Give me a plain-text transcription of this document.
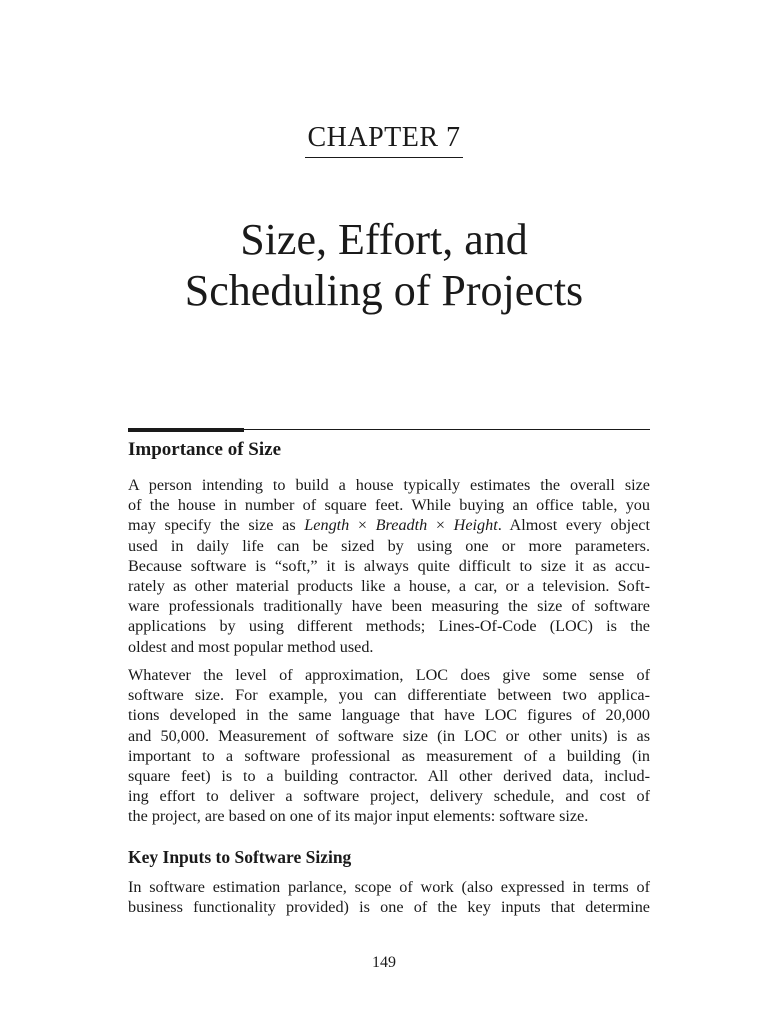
CHAPTER 7
Size, Effort, and
Scheduling of Projects
Importance of Size
A person intending to build a house typically estimates the overall size
of the house in number of square feet. While buying an office table, you
may specify the size as Length × Breadth × Height. Almost every object
used in daily life can be sized by using one or more parameters.
Because software is “soft,” it is always quite difficult to size it as accu-
rately as other material products like a house, a car, or a television. Soft-
ware professionals traditionally have been measuring the size of software
applications by using different methods; Lines-Of-Code (LOC) is the
oldest and most popular method used.
Whatever the level of approximation, LOC does give some sense of
software size. For example, you can differentiate between two applica-
tions developed in the same language that have LOC figures of 20,000
and 50,000. Measurement of software size (in LOC or other units) is as
important to a software professional as measurement of a building (in
square feet) is to a building contractor. All other derived data, includ-
ing effort to deliver a software project, delivery schedule, and cost of
the project, are based on one of its major input elements: software size.
Key Inputs to Software Sizing
In software estimation parlance, scope of work (also expressed in terms of
business functionality provided) is one of the key inputs that determine
149
